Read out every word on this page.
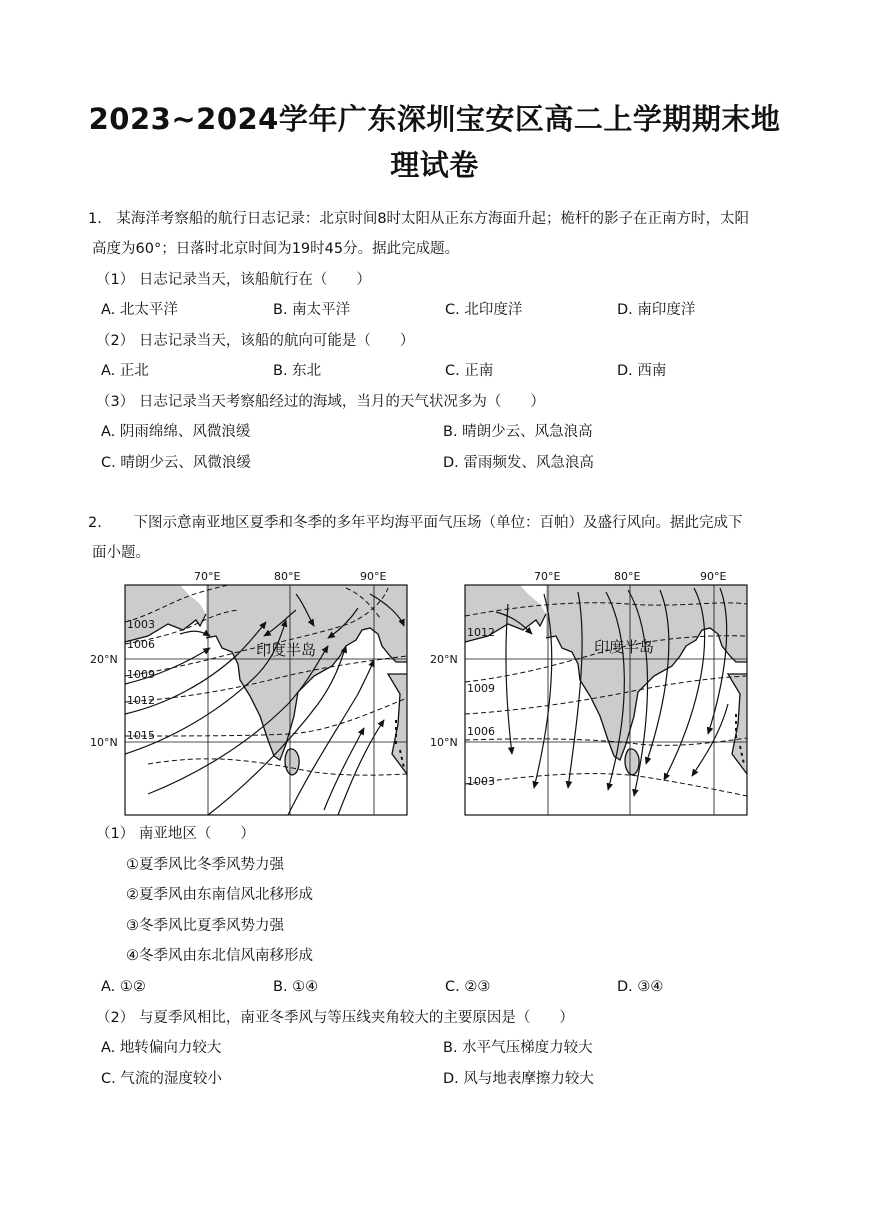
2023~2024学年广东深圳宝安区高二上学期期末地
理试卷
1． 某海洋考察船的航行日志记录：北京时间8时太阳从正东方海面升起；桅杆的影子在正南方时，太阳
高度为60°；日落时北京时间为19时45分。据此完成题。
（1） 日志记录当天，该船航行在（　　）
A. 北太平洋	B. 南太平洋	C. 北印度洋	D. 南印度洋
（2） 日志记录当天，该船的航向可能是（　　）
A. 正北	B. 东北	C. 正南	D. 西南
（3） 日志记录当天考察船经过的海域，当月的天气状况多为（　　）
A. 阴雨绵绵、风微浪缓	B. 晴朗少云、风急浪高
C. 晴朗少云、风微浪缓	D. 雷雨频发、风急浪高
2．　　下图示意南亚地区夏季和冬季的多年平均海平面气压场（单位：百帕）及盛行风向。据此完成下
面小题。
70°E	80°E	90°E
20°N
10°N
1003
1006
1009
1012
1015
印度半岛
70°E	80°E	90°E
20°N
10°N
1012
1009
1006
1003
印度半岛
（1） 南亚地区（　　）
①夏季风比冬季风势力强
②夏季风由东南信风北移形成
③冬季风比夏季风势力强
④冬季风由东北信风南移形成
A. ①②	B. ①④	C. ②③	D. ③④
（2） 与夏季风相比，南亚冬季风与等压线夹角较大的主要原因是（　　）
A. 地转偏向力较大	B. 水平气压梯度力较大
C. 气流的湿度较小	D. 风与地表摩擦力较大
